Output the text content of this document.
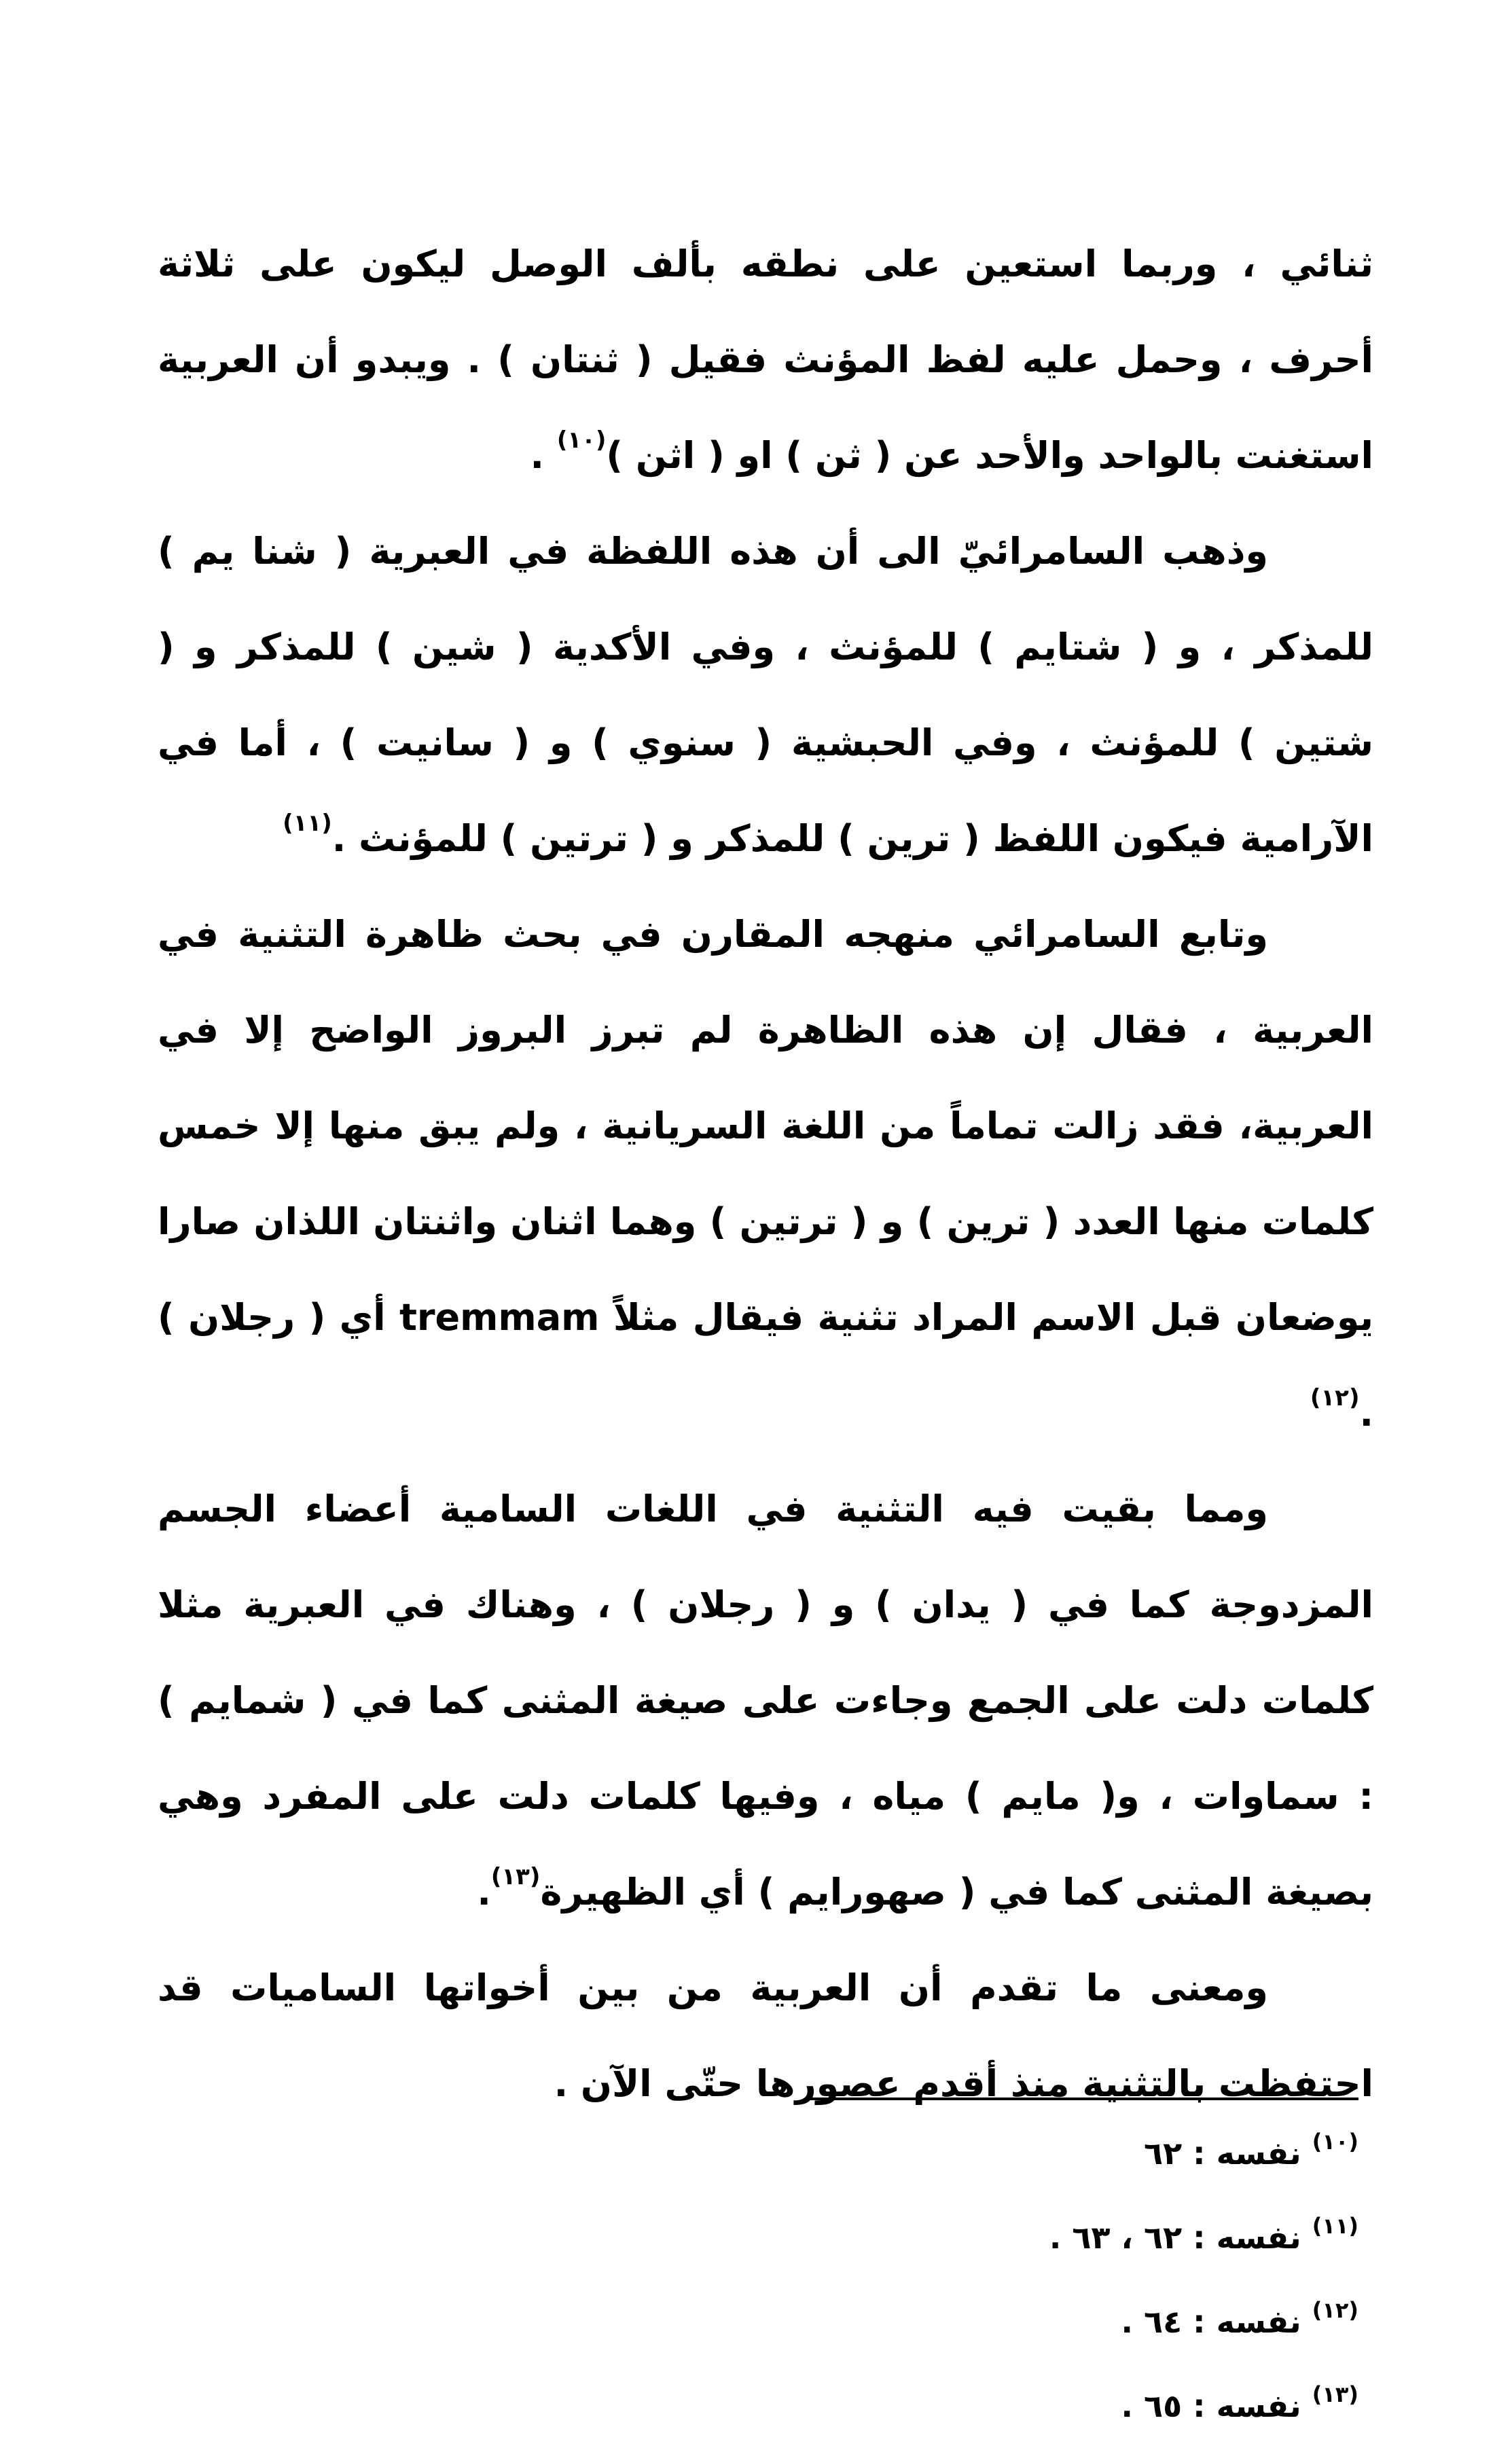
ثنائي ، وربما استعين على نطقه بألف الوصل ليكون على ثلاثة أحرف ، وحمل عليه لفظ المؤنث فقيل ( ثنتان ) . ويبدو أن العربية استغنت بالواحد والأحد عن ( ثن ) او ( اثن )$^{(١٠)}$ .

وذهب السامرائيّ الى أن هذه اللفظة في العبرية ( شنا يم ) للمذكر ، و ( شتايم ) للمؤنث ، وفي الأكدية ( شين ) للمذكر و ( شتين ) للمؤنث ، وفي الحبشية ( سنوي ) و ( سانيت ) ، أما في الآرامية فيكون اللفظ ( ترين ) للمذكر و ( ترتين ) للمؤنث .$^{(١١)}$

وتابع السامرائي منهجه المقارن في بحث ظاهرة التثنية في العربية ، فقال إن هذه الظاهرة لم تبرز البروز الواضح إلا في العربية، فقد زالت تماماً من اللغة السريانية ، ولم يبق منها إلا خمس كلمات منها العدد ( ترين ) و ( ترتين ) وهما اثنان واثنتان اللذان صارا يوضعان قبل الاسم المراد تثنية فيقال مثلاً tremmam أي ( رجلان ) .$^{(١٢)}$

ومما بقيت فيه التثنية في اللغات السامية أعضاء الجسم المزدوجة كما في ( يدان ) و ( رجلان ) ، وهناك في العبرية مثلا كلمات دلت على الجمع وجاءت على صيغة المثنى كما في ( شمايم ) : سماوات ، و( مايم ) مياه ، وفيها كلمات دلت على المفرد وهي بصيغة المثنى كما في ( صهورايم ) أي الظهيرة$^{(١٣)}$.

ومعنى ما تقدم أن العربية من بين أخواتها الساميات قد احتفظت بالتثنية منذ أقدم عصورها حتّى الآن .

$^{(١٠)}$ نفسه : ٦٢

$^{(١١)}$ نفسه : ٦٢ ، ٦٣ .

$^{(١٢)}$ نفسه : ٦٤ .

$^{(١٣)}$ نفسه : ٦٥ .
